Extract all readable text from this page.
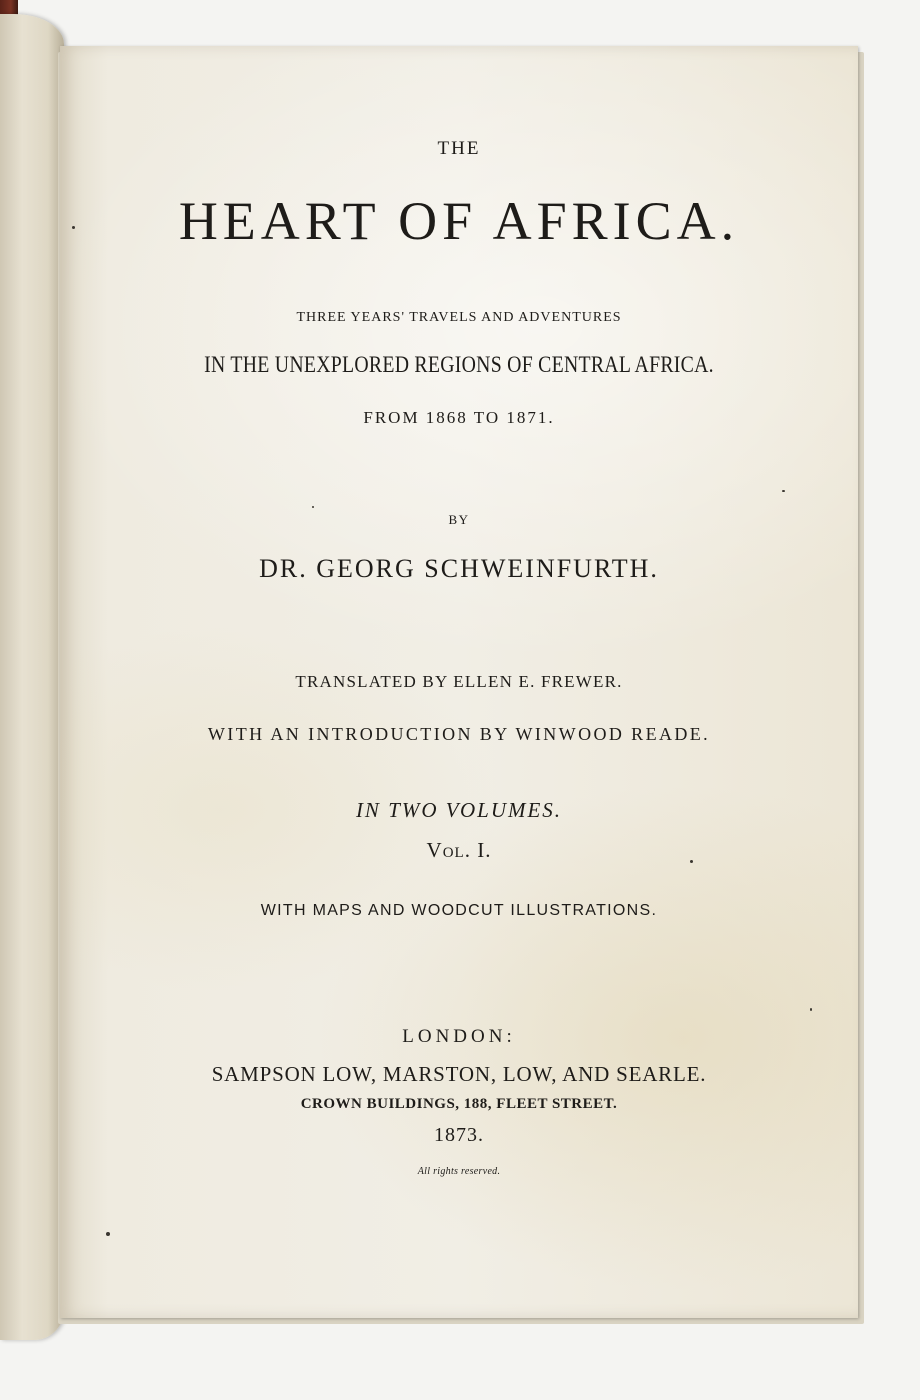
THE
HEART OF AFRICA.
THREE YEARS' TRAVELS AND ADVENTURES
IN THE UNEXPLORED REGIONS OF CENTRAL AFRICA.
FROM 1868 TO 1871.
BY
DR. GEORG SCHWEINFURTH.
TRANSLATED BY ELLEN E. FREWER.
WITH AN INTRODUCTION BY WINWOOD READE.
IN TWO VOLUMES.
Vol. I.
WITH MAPS AND WOODCUT ILLUSTRATIONS.
LONDON:
SAMPSON LOW, MARSTON, LOW, AND SEARLE.
CROWN BUILDINGS, 188, FLEET STREET.
1873.
All rights reserved.
